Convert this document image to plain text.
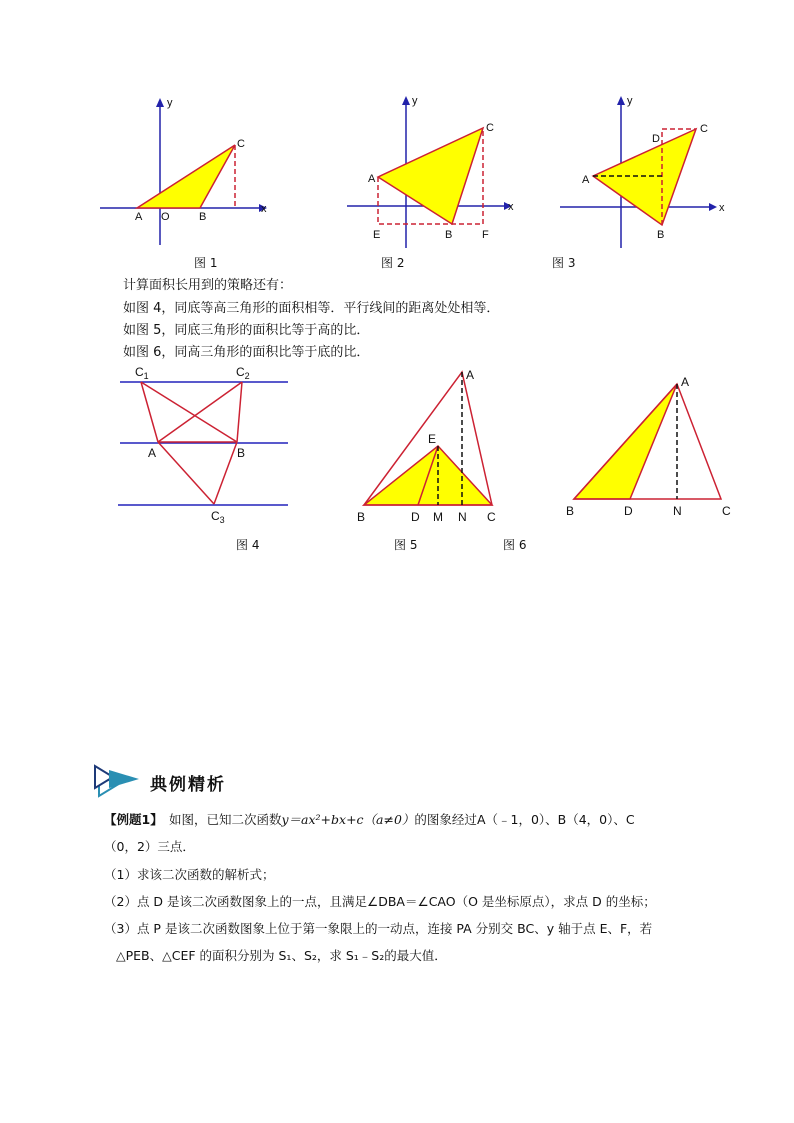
y
x
A O	B
C
图 1
y
x
A
C
E	B	F
图 2
y
x
A
D
C
B
图 3
计算面积长用到的策略还有：
如图 4，同底等高三角形的面积相等．平行线间的距离处处相等．
如图 5，同底三角形的面积比等于高的比．
如图 6，同高三角形的面积比等于底的比．
$C_1$	$C_2$
A	B
$C_3$
图 4
A
E
B	D M N C
图 5
A
B	D	N	C
图 6
典例精析
【例题1】　如图，已知二次函数y＝ax²+bx+c（a≠0）的图象经过A（﹣1，0）、B（4，0）、C
（0，2）三点．
（1）求该二次函数的解析式；
（2）点 D 是该二次函数图象上的一点，且满足∠DBA＝∠CAO（O 是坐标原点），求点 D 的坐标；
（3）点 P 是该二次函数图象上位于第一象限上的一动点，连接 PA 分别交 BC、y 轴于点 E、F，若
△PEB、△CEF 的面积分别为 S₁、S₂，求 S₁﹣S₂的最大值．
